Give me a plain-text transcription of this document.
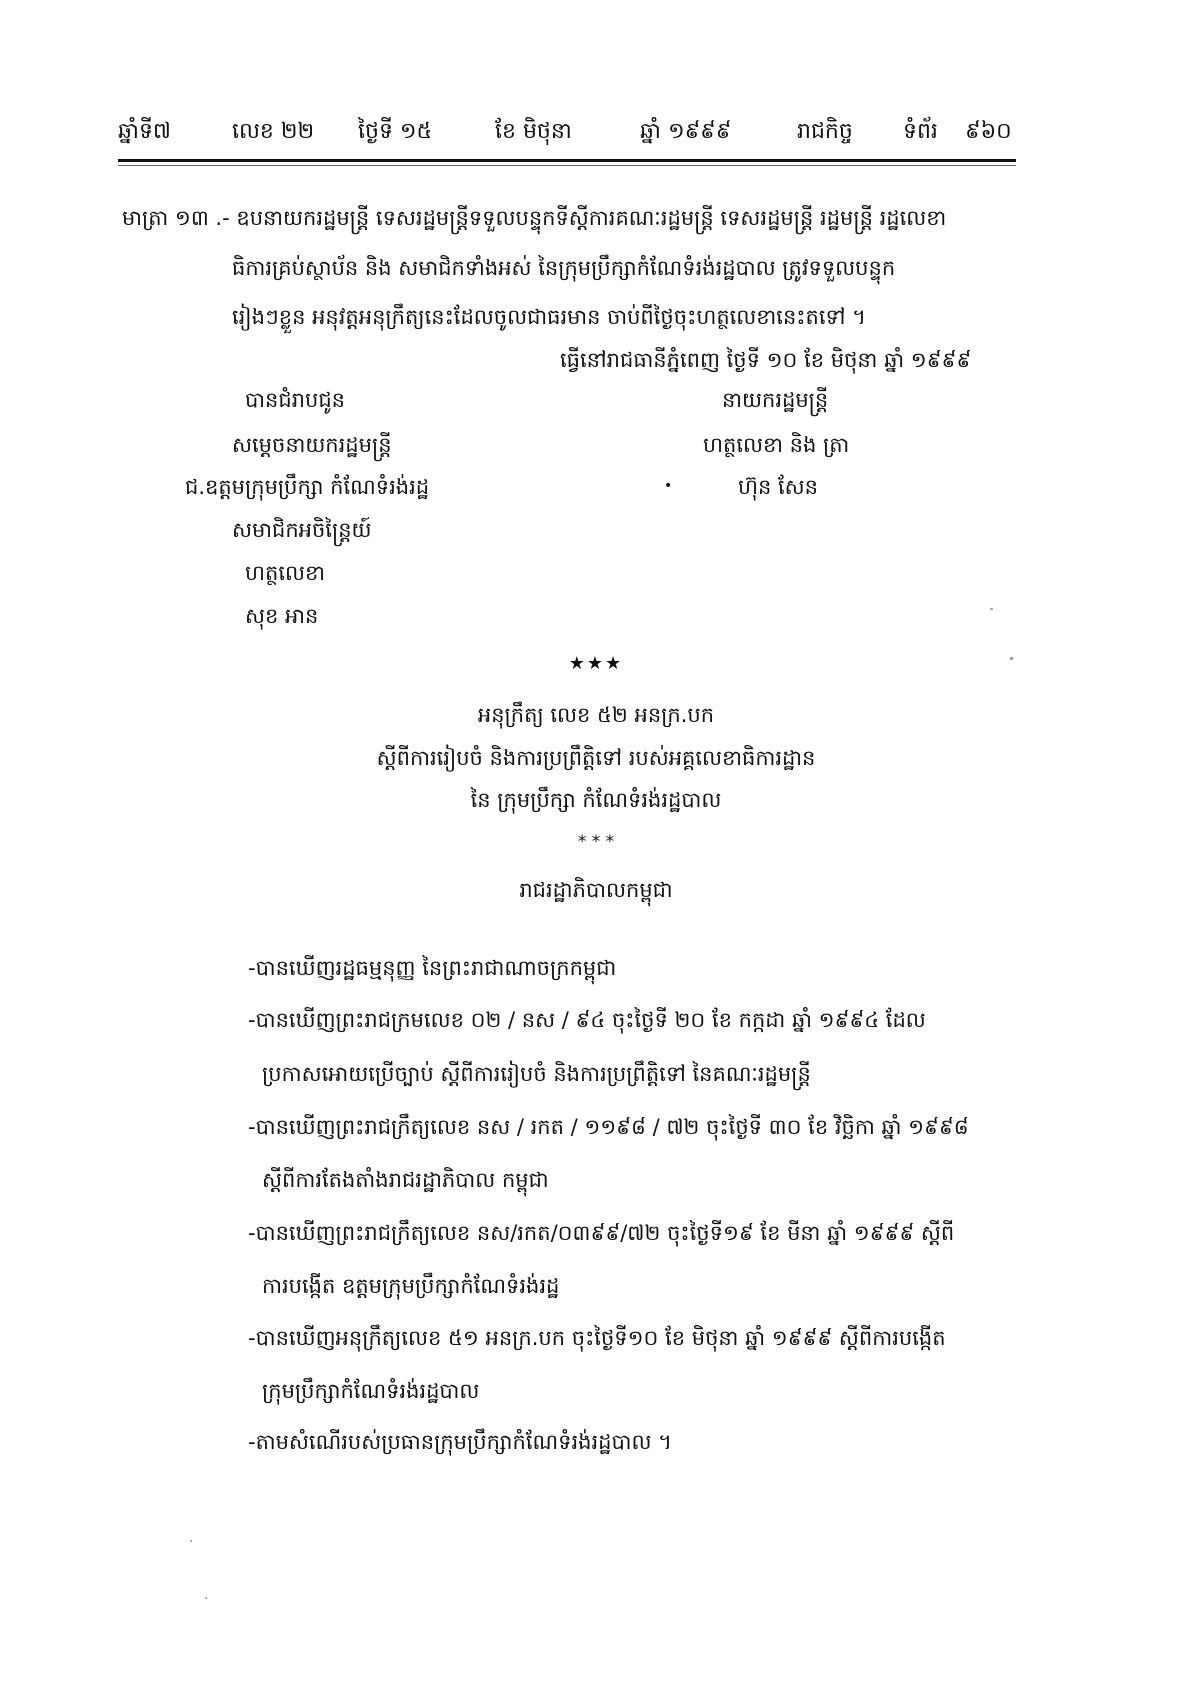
ឆ្នាំទី៧	លេខ ២២ ថ្ងៃទី ១៥	ខែ មិថុនា	ឆ្នាំ ១៩៩៩	រាជកិច្ច ទំព័រ ៩៦០
មាត្រា ១៣ .- ឧបនាយករដ្ឋមន្ត្រី ទេសរដ្ឋមន្ត្រីទទួលបន្ទុកទីស្តីការគណៈរដ្ឋមន្ត្រី ទេសរដ្ឋមន្ត្រី រដ្ឋមន្ត្រី រដ្ឋលេខា
ធិការគ្រប់ស្ថាប័ន និង សមាជិកទាំងអស់ នៃក្រុមប្រឹក្សាកំណែទំរង់រដ្ឋបាល ត្រូវទទួលបន្ទុក
រៀងៗខ្លួន អនុវត្តអនុក្រឹត្យនេះដែលចូលជាធរមាន ចាប់ពីថ្ងៃចុះហត្ថលេខានេះតទៅ ។
ធ្វើនៅរាជធានីភ្នំពេញ ថ្ងៃទី ១០ ខែ មិថុនា ឆ្នាំ ១៩៩៩
បានជំរាបជូន
សម្តេចនាយករដ្ឋមន្ត្រី
ជ.ឧត្តមក្រុមប្រឹក្សា កំណែទំរង់រដ្ឋ
សមាជិកអចិន្ត្រៃយ៍
ហត្ថលេខា
សុខ អាន
នាយករដ្ឋមន្ត្រី
ហត្ថលេខា និង ត្រា
ហ៊ុន សែន
•
★★★
អនុក្រឹត្យ លេខ ៥២ អនក្រ.បក
ស្តីពីការរៀបចំ និងការប្រព្រឹត្តិទៅ របស់អគ្គលេខាធិការដ្ឋាន
នៃ ក្រុមប្រឹក្សា កំណែទំរង់រដ្ឋបាល
* * *
រាជរដ្ឋាភិបាលកម្ពុជា
-បានឃើញរដ្ឋធម្មនុញ្ញ នៃព្រះរាជាណាចក្រកម្ពុជា
-បានឃើញព្រះរាជក្រមលេខ ០២ / នស / ៩៤ ចុះថ្ងៃទី ២០ ខែ កក្កដា ឆ្នាំ ១៩៩៤ ដែល
ប្រកាសអោយប្រើច្បាប់ ស្តីពីការរៀបចំ និងការប្រព្រឹត្តិទៅ នៃគណៈរដ្ឋមន្ត្រី
-បានឃើញព្រះរាជក្រឹត្យលេខ នស / រកត / ១១៩៨ / ៧២ ចុះថ្ងៃទី ៣០ ខែ វិច្ឆិកា ឆ្នាំ ១៩៩៨
ស្តីពីការតែងតាំងរាជរដ្ឋាភិបាល កម្ពុជា
-បានឃើញព្រះរាជក្រឹត្យលេខ នស/រកត/០៣៩៩/៧២ ចុះថ្ងៃទី១៩ ខែ មីនា ឆ្នាំ ១៩៩៩ ស្តីពី
ការបង្កើត ឧត្តមក្រុមប្រឹក្សាកំណែទំរង់រដ្ឋ
-បានឃើញអនុក្រឹត្យលេខ ៥១ អនក្រ.បក ចុះថ្ងៃទី១០ ខែ មិថុនា ឆ្នាំ ១៩៩៩ ស្តីពីការបង្កើត
ក្រុមប្រឹក្សាកំណែទំរង់រដ្ឋបាល
-តាមសំណើរបស់ប្រធានក្រុមប្រឹក្សាកំណែទំរង់រដ្ឋបាល ។
